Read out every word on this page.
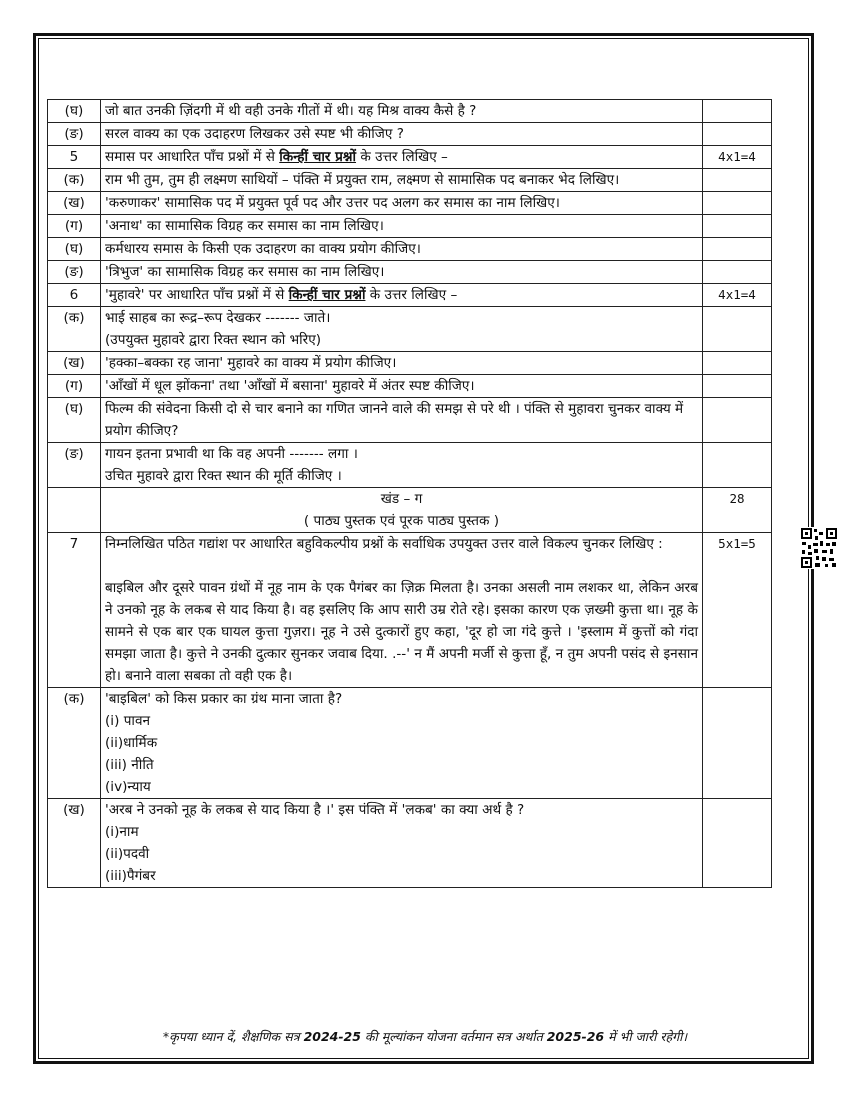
(घ)	जो बात उनकी ज़िंदगी में थी वही उनके गीतों में थी। यह मिश्र वाक्य कैसे है ?	
(ङ)	सरल वाक्य का एक उदाहरण लिखकर उसे स्पष्ट भी कीजिए ?	
5	समास पर आधारित पाँच प्रश्नों में से किन्हीं चार प्रश्नों के उत्तर लिखिए –	4x1=4
(क)	राम भी तुम, तुम ही लक्ष्मण साथियों – पंक्ति में प्रयुक्त राम, लक्ष्मण से सामासिक पद बनाकर भेद लिखिए।	
(ख)	'करुणाकर' सामासिक पद में प्रयुक्त पूर्व पद और उत्तर पद अलग कर समास का नाम लिखिए।	
(ग)	'अनाथ' का सामासिक विग्रह कर समास का नाम लिखिए।	
(घ)	कर्मधारय समास के किसी एक उदाहरण का वाक्य प्रयोग कीजिए।	
(ङ)	'त्रिभुज' का सामासिक विग्रह कर समास का नाम लिखिए।	
6	'मुहावरे' पर आधारित पाँच प्रश्नों में से किन्हीं चार प्रश्नों के उत्तर लिखिए –	4x1=4
(क)	भाई साहब का रूद्र–रूप देखकर ------- जाते।
(उपयुक्त मुहावरे द्वारा रिक्त स्थान को भरिए)	

(ख)	'हक्का–बक्का रह जाना' मुहावरे का वाक्य में प्रयोग कीजिए।	
(ग)	'आँखों में धूल झोंकना' तथा 'आँखों में बसाना' मुहावरे में अंतर स्पष्ट कीजिए।	
(घ)	फिल्म की संवेदना किसी दो से चार बनाने का गणित जानने वाले की समझ से परे थी । पंक्ति से मुहावरा चुनकर वाक्य में प्रयोग कीजिए?	
(ङ)	गायन इतना प्रभावी था कि वह अपनी ------- लगा ।
उचित मुहावरे द्वारा रिक्त स्थान की मूर्ति कीजिए ।	

	खंड – ग
( पाठ्य पुस्तक एवं पूरक पाठ्य पुस्तक )	28
7	निम्नलिखित पठित गद्यांश पर आधारित बहुविकल्पीय प्रश्नों के सर्वाधिक उपयुक्त उत्तर वाले विकल्प चुनकर लिखिए :
बाइबिल और दूसरे पावन ग्रंथों में नूह नाम के एक पैगंबर का ज़िक्र मिलता है। उनका असली नाम लशकर था, लेकिन अरब ने उनको नूह के लकब से याद किया है। वह इसलिए कि आप सारी उम्र रोते रहे। इसका कारण एक ज़ख्मी कुत्ता था। नूह के सामने से एक बार एक घायल कुत्ता गुज़रा। नूह ने उसे दुत्कारों हुए कहा, 'दूर हो जा गंदे कुत्ते । 'इस्लाम में कुत्तों को गंदा समझा जाता है। कुत्ते ने उनकी दुत्कार सुनकर जवाब दिया. .--' न मैं अपनी मर्जी से कुत्ता हूँ, न तुम अपनी पसंद से इनसान हो। बनाने वाला सबका तो वही एक है।	5x1=5
(क)	'बाइबिल' को किस प्रकार का ग्रंथ माना जाता है?
(i) पावन
(ii)धार्मिक
(iii) नीति
(iv)न्याय	

(ख)	'अरब ने उनको नूह के लकब से याद किया है ।' इस पंक्ति में 'लकब' का क्या अर्थ है ?
(i)नाम
(ii)पदवी
(iii)पैगंबर	

*कृपया ध्यान दें, शैक्षणिक सत्र 2024-25 की मूल्यांकन योजना वर्तमान सत्र अर्थात 2025-26 में भी जारी रहेगी।
